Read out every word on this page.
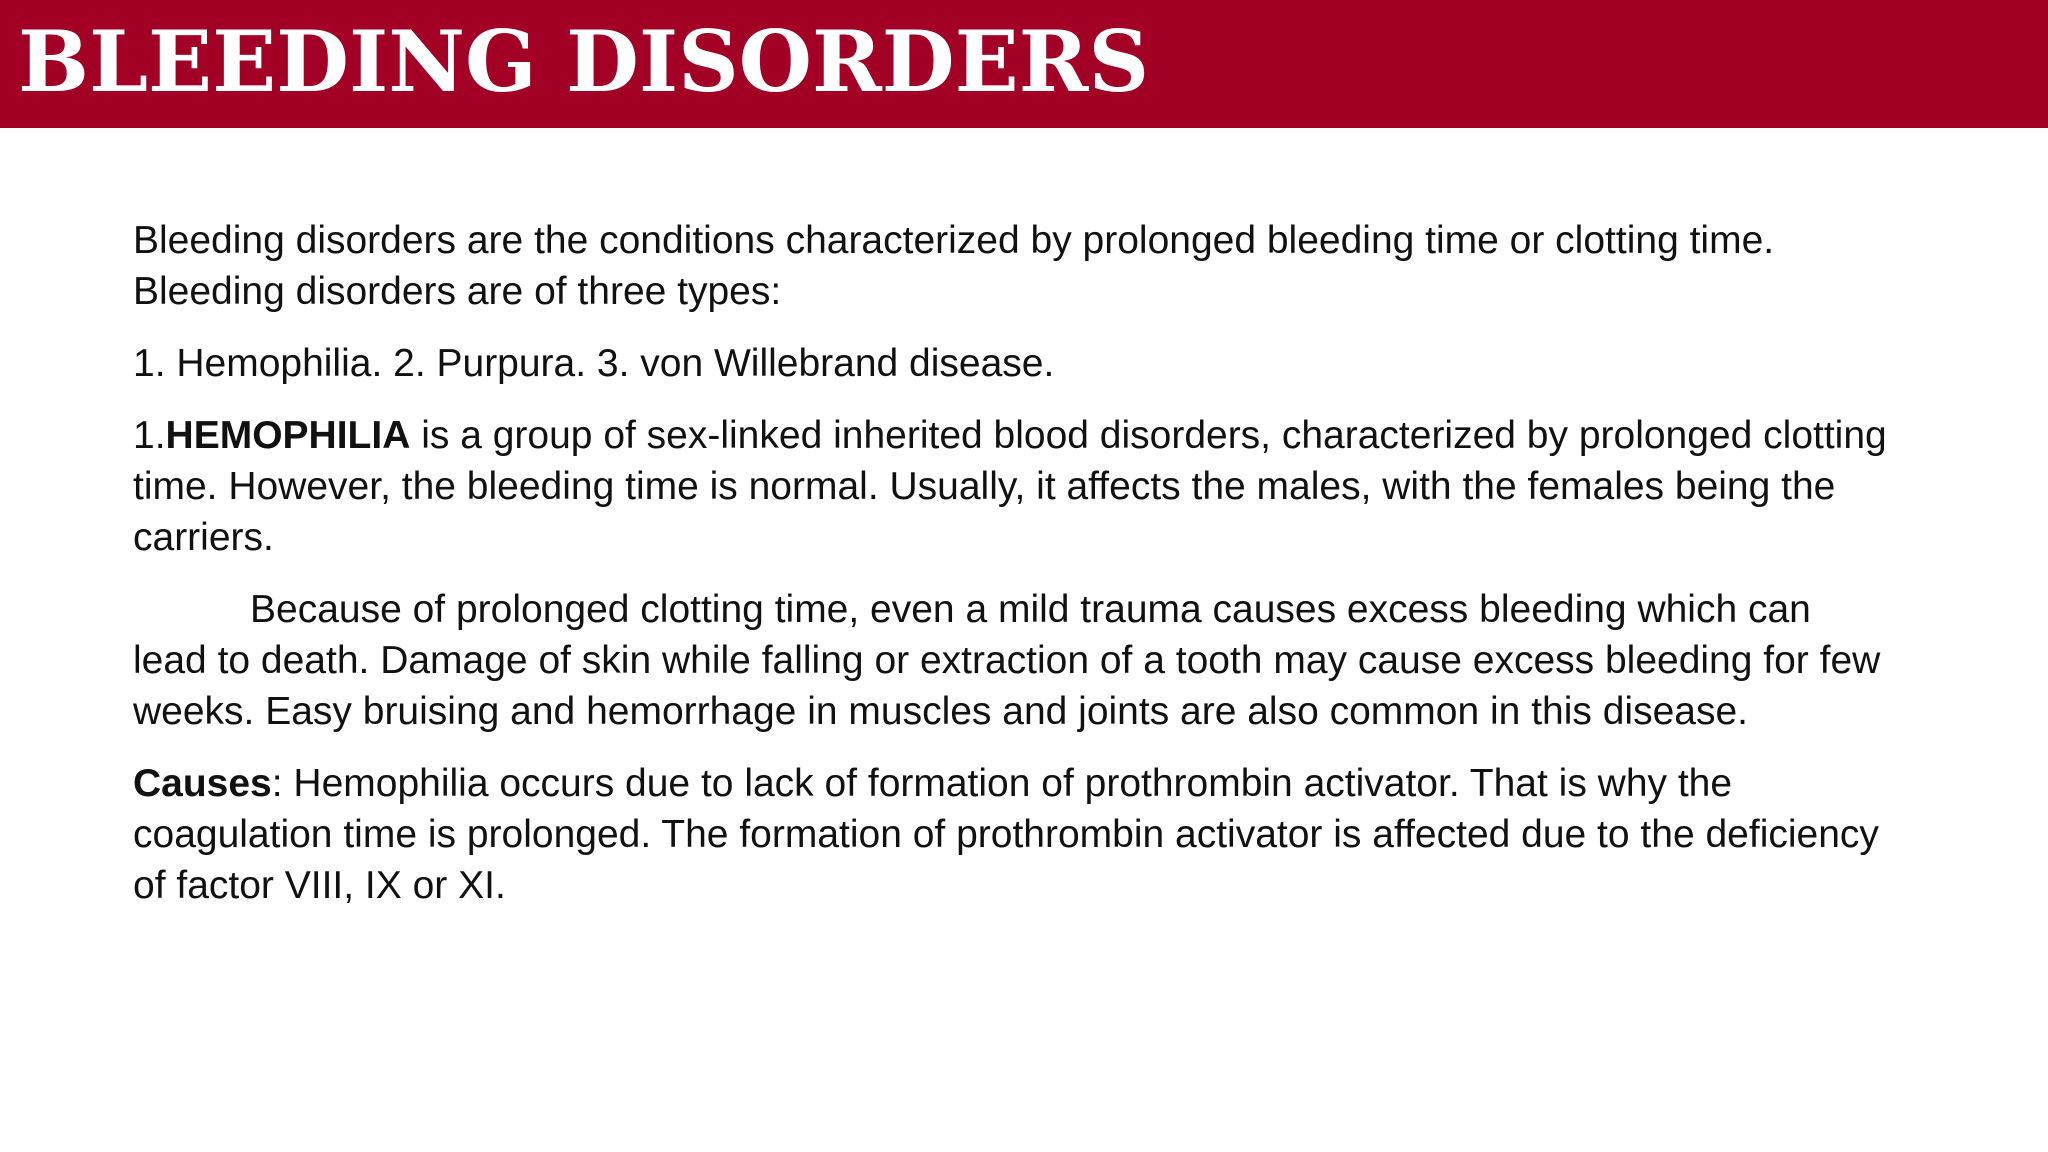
BLEEDING DISORDERS

Bleeding disorders are the conditions characterized by prolonged bleeding time or clotting time. Bleeding disorders are of three types:

1. Hemophilia. 2. Purpura. 3. von Willebrand disease.

1.HEMOPHILIA is a group of sex-linked inherited blood disorders, characterized by prolonged clotting time. However, the bleeding time is normal. Usually, it affects the males, with the females being the carriers.

Because of prolonged clotting time, even a mild trauma causes excess bleeding which can lead to death. Damage of skin while falling or extraction of a tooth may cause excess bleeding for few weeks. Easy bruising and hemorrhage in muscles and joints are also common in this disease.

Causes: Hemophilia occurs due to lack of formation of prothrombin activator. That is why the coagulation time is prolonged. The formation of prothrombin activator is affected due to the deficiency of factor VIII, IX or XI.
